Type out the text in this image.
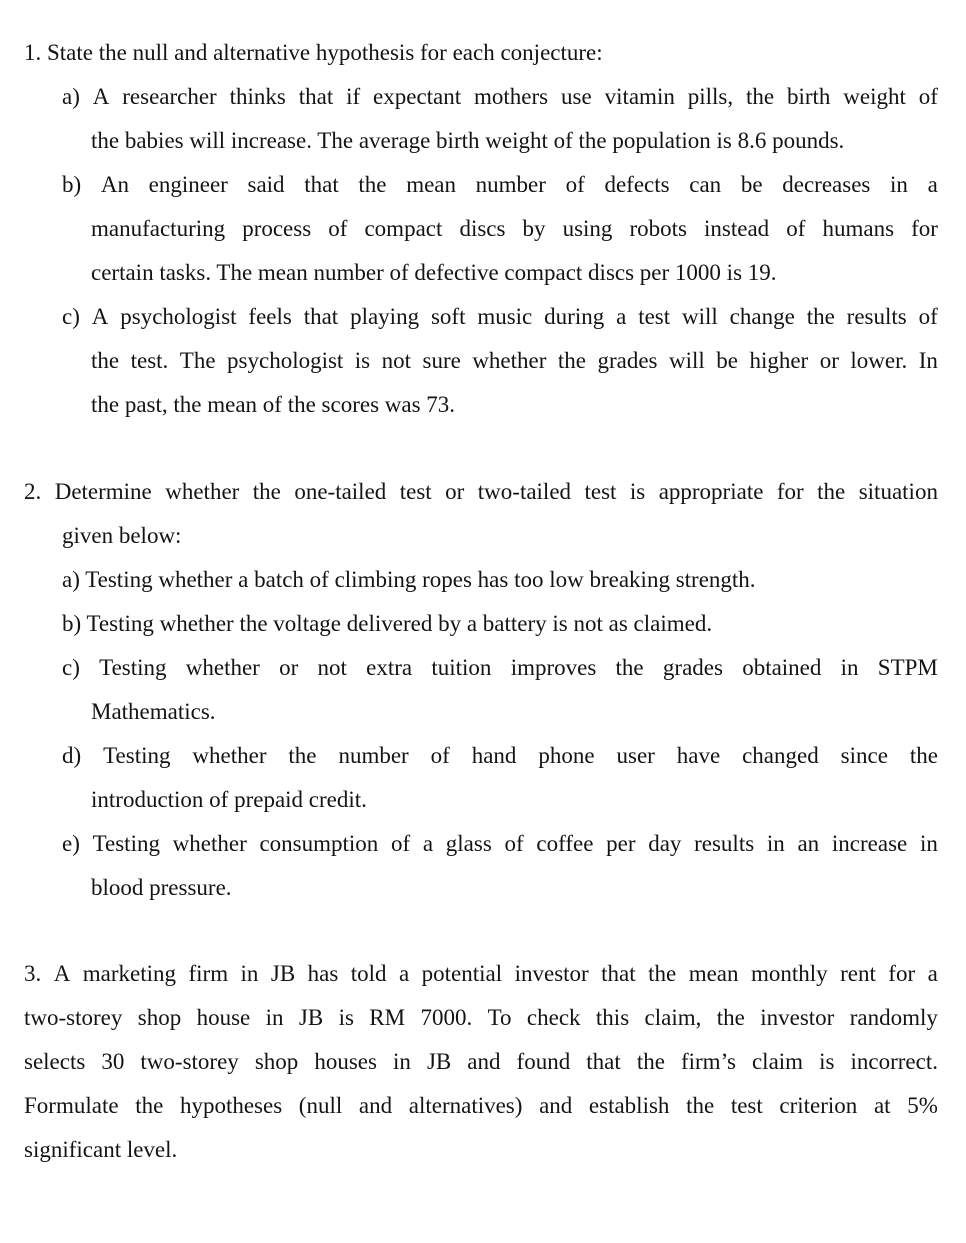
1. State the null and alternative hypothesis for each conjecture:
a) A researcher thinks that if expectant mothers use vitamin pills, the birth weight of
the babies will increase. The average birth weight of the population is 8.6 pounds.
b) An engineer said that the mean number of defects can be decreases in a
manufacturing process of compact discs by using robots instead of humans for
certain tasks. The mean number of defective compact discs per 1000 is 19.
c) A psychologist feels that playing soft music during a test will change the results of
the test. The psychologist is not sure whether the grades will be higher or lower. In
the past, the mean of the scores was 73.
2. Determine whether the one-tailed test or two-tailed test is appropriate for the situation
given below:
a) Testing whether a batch of climbing ropes has too low breaking strength.
b) Testing whether the voltage delivered by a battery is not as claimed.
c) Testing whether or not extra tuition improves the grades obtained in STPM
Mathematics.
d) Testing whether the number of hand phone user have changed since the
introduction of prepaid credit.
e) Testing whether consumption of a glass of coffee per day results in an increase in
blood pressure.
3. A marketing firm in JB has told a potential investor that the mean monthly rent for a
two-storey shop house in JB is RM 7000. To check this claim, the investor randomly
selects 30 two-storey shop houses in JB and found that the firm’s claim is incorrect.
Formulate the hypotheses (null and alternatives) and establish the test criterion at 5%
significant level.
